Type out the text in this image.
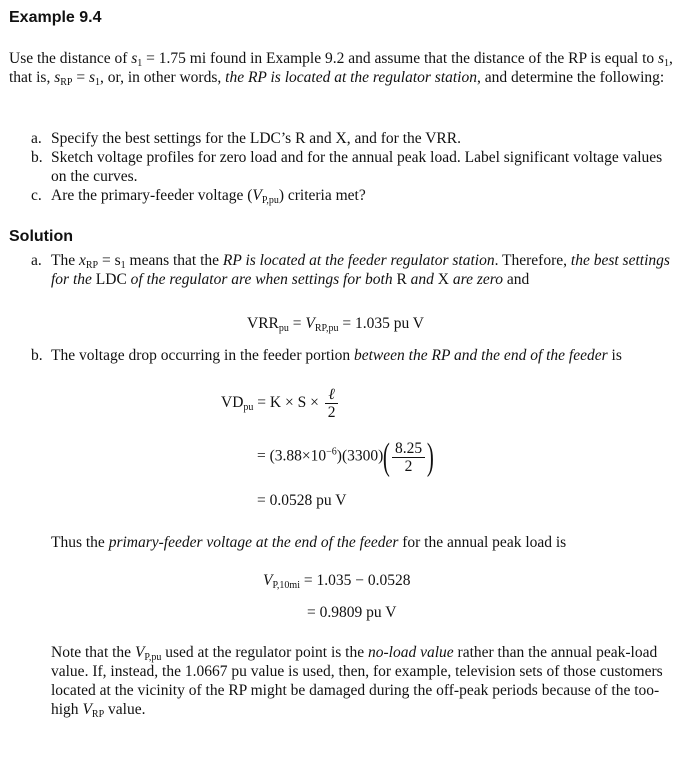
Example 9.4
Use the distance of $s_1 = 1.75$ mi found in Example 9.2 and assume that the distance of the RP is equal to $s_1$, that is, $s_{RP} = s_1$, or, in other words, the RP is located at the regulator station, and determine the following:
a. Specify the best settings for the LDC’s R and X, and for the VRR.
b. Sketch voltage profiles for zero load and for the annual peak load. Label significant voltage values on the curves.
c. Are the primary-feeder voltage $(V_{P,pu})$ criteria met?
Solution
a. The $x_{RP} = s_1$ means that the RP is located at the feeder regulator station. Therefore, the best settings for the LDC of the regulator are when settings for both R and X are zero and
$VRR_{pu} = V_{RP,pu} = 1.035$ pu V
b. The voltage drop occurring in the feeder portion between the RP and the end of the feeder is
$VD_{pu} = K \times S \times \frac{\text{ℓ}}{2}$
= $(3.88\times 10^{-6})(3300)( \frac{8.25}{2}$ )
= 0.0528 pu V
Thus the primary-feeder voltage at the end of the feeder for the annual peak load is
$V_{P,10mi} = 1.035 - 0.0528$
= 0.9809 pu V
Note that the $V_{P,pu}$ used at the regulator point is the no-load value rather than the annual peak-load value. If, instead, the 1.0667 pu value is used, then, for example, television sets of those customers located at the vicinity of the RP might be damaged during the off-peak periods because of the too-high $V_{RP}$ value.
